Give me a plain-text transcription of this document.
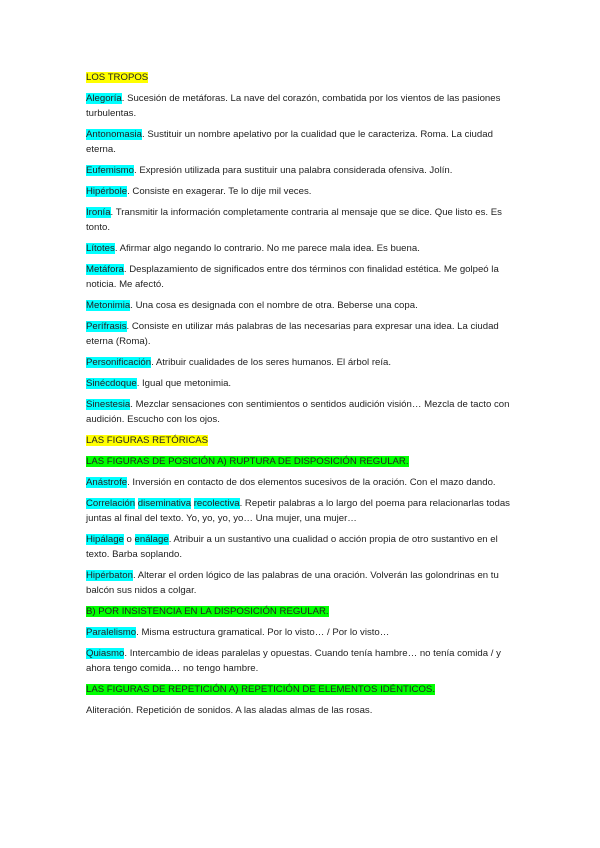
LOS TROPOS

Alegoría. Sucesión de metáforas. La nave del corazón, combatida por los vientos de las pasiones turbulentas.

Antonomasia. Sustituir un nombre apelativo por la cualidad que le caracteriza. Roma. La ciudad eterna.

Eufemismo. Expresión utilizada para sustituir una palabra considerada ofensiva. Jolín.

Hipérbole. Consiste en exagerar. Te lo dije mil veces.

Ironía. Transmitir la información completamente contraria al mensaje que se dice. Que listo es. Es tonto.

Lítotes. Afirmar algo negando lo contrario. No me parece mala idea. Es buena.

Metáfora. Desplazamiento de significados entre dos términos con finalidad estética. Me golpeó la noticia. Me afectó.

Metonimia. Una cosa es designada con el nombre de otra. Beberse una copa.

Perífrasis. Consiste en utilizar más palabras de las necesarias para expresar una idea. La ciudad eterna (Roma).

Personificación. Atribuir cualidades de los seres humanos. El árbol reía.

Sinécdoque. Igual que metonimia.

Sinestesia. Mezclar sensaciones con sentimientos o sentidos audición visión… Mezcla de tacto con audición. Escucho con los ojos.

LAS FIGURAS RETÓRICAS

LAS FIGURAS DE POSICIÓN A) RUPTURA DE DISPOSICIÓN REGULAR.

Anástrofe. Inversión en contacto de dos elementos sucesivos de la oración. Con el mazo dando.

Correlación diseminativa recolectiva. Repetir palabras a lo largo del poema para relacionarlas todas juntas al final del texto. Yo, yo, yo, yo… Una mujer, una mujer…

Hipálage o enálage. Atribuir a un sustantivo una cualidad o acción propia de otro sustantivo en el texto. Barba soplando.

Hipérbaton. Alterar el orden lógico de las palabras de una oración. Volverán las golondrinas en tu balcón sus nidos a colgar.

B) POR INSISTENCIA EN LA DISPOSICIÓN REGULAR.

Paralelismo. Misma estructura gramatical. Por lo visto… / Por lo visto…

Quiasmo. Intercambio de ideas paralelas y opuestas. Cuando tenía hambre… no tenía comida / y ahora tengo comida… no tengo hambre.

LAS FIGURAS DE REPETICIÓN A) REPETICIÓN DE ELEMENTOS IDÉNTICOS.

Aliteración. Repetición de sonidos. A las aladas almas de las rosas.
